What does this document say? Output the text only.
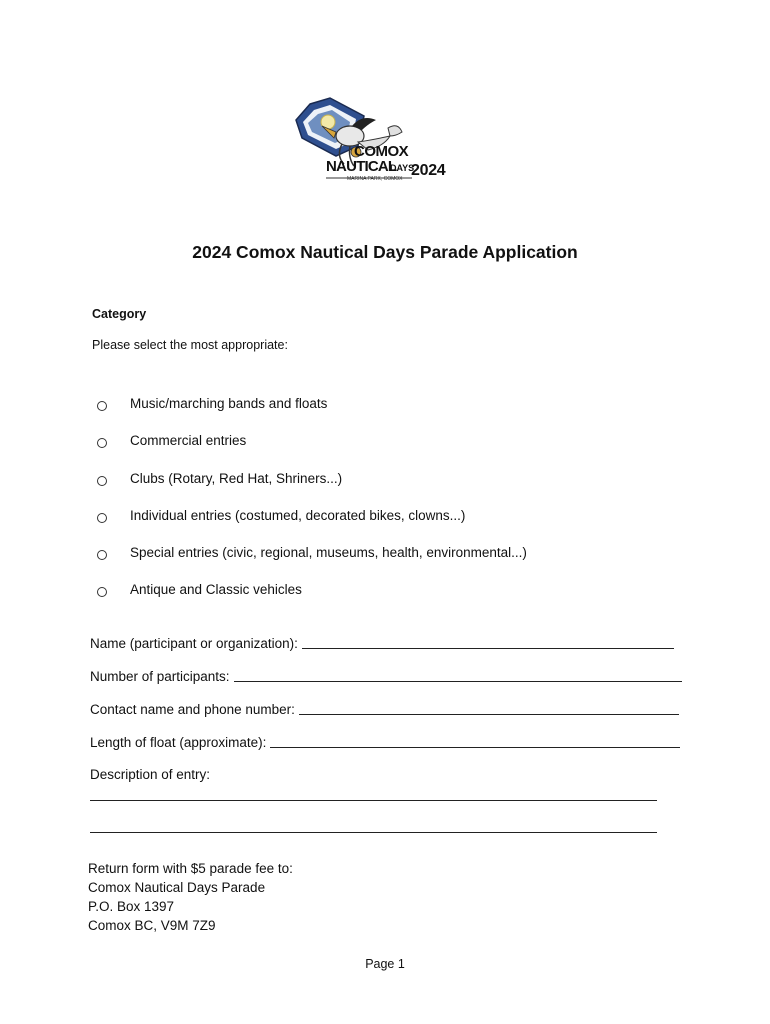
COMOX
NAUTICAL
DAYS
2024
MARINA PARK, COMOX
2024 Comox Nautical Days Parade Application
Category
Please select the most appropriate:
Music/marching bands and floats
Commercial entries
Clubs (Rotary, Red Hat, Shriners...)
Individual entries (costumed, decorated bikes, clowns...)
Special entries (civic, regional, museums, health, environmental...)
Antique and Classic vehicles
Name (participant or organization):
Number of participants:
Contact name and phone number:
Length of float (approximate):
Description of entry:
Return form with $5 parade fee to:
Comox Nautical Days Parade
P.O. Box 1397
Comox BC, V9M 7Z9
Page 1
